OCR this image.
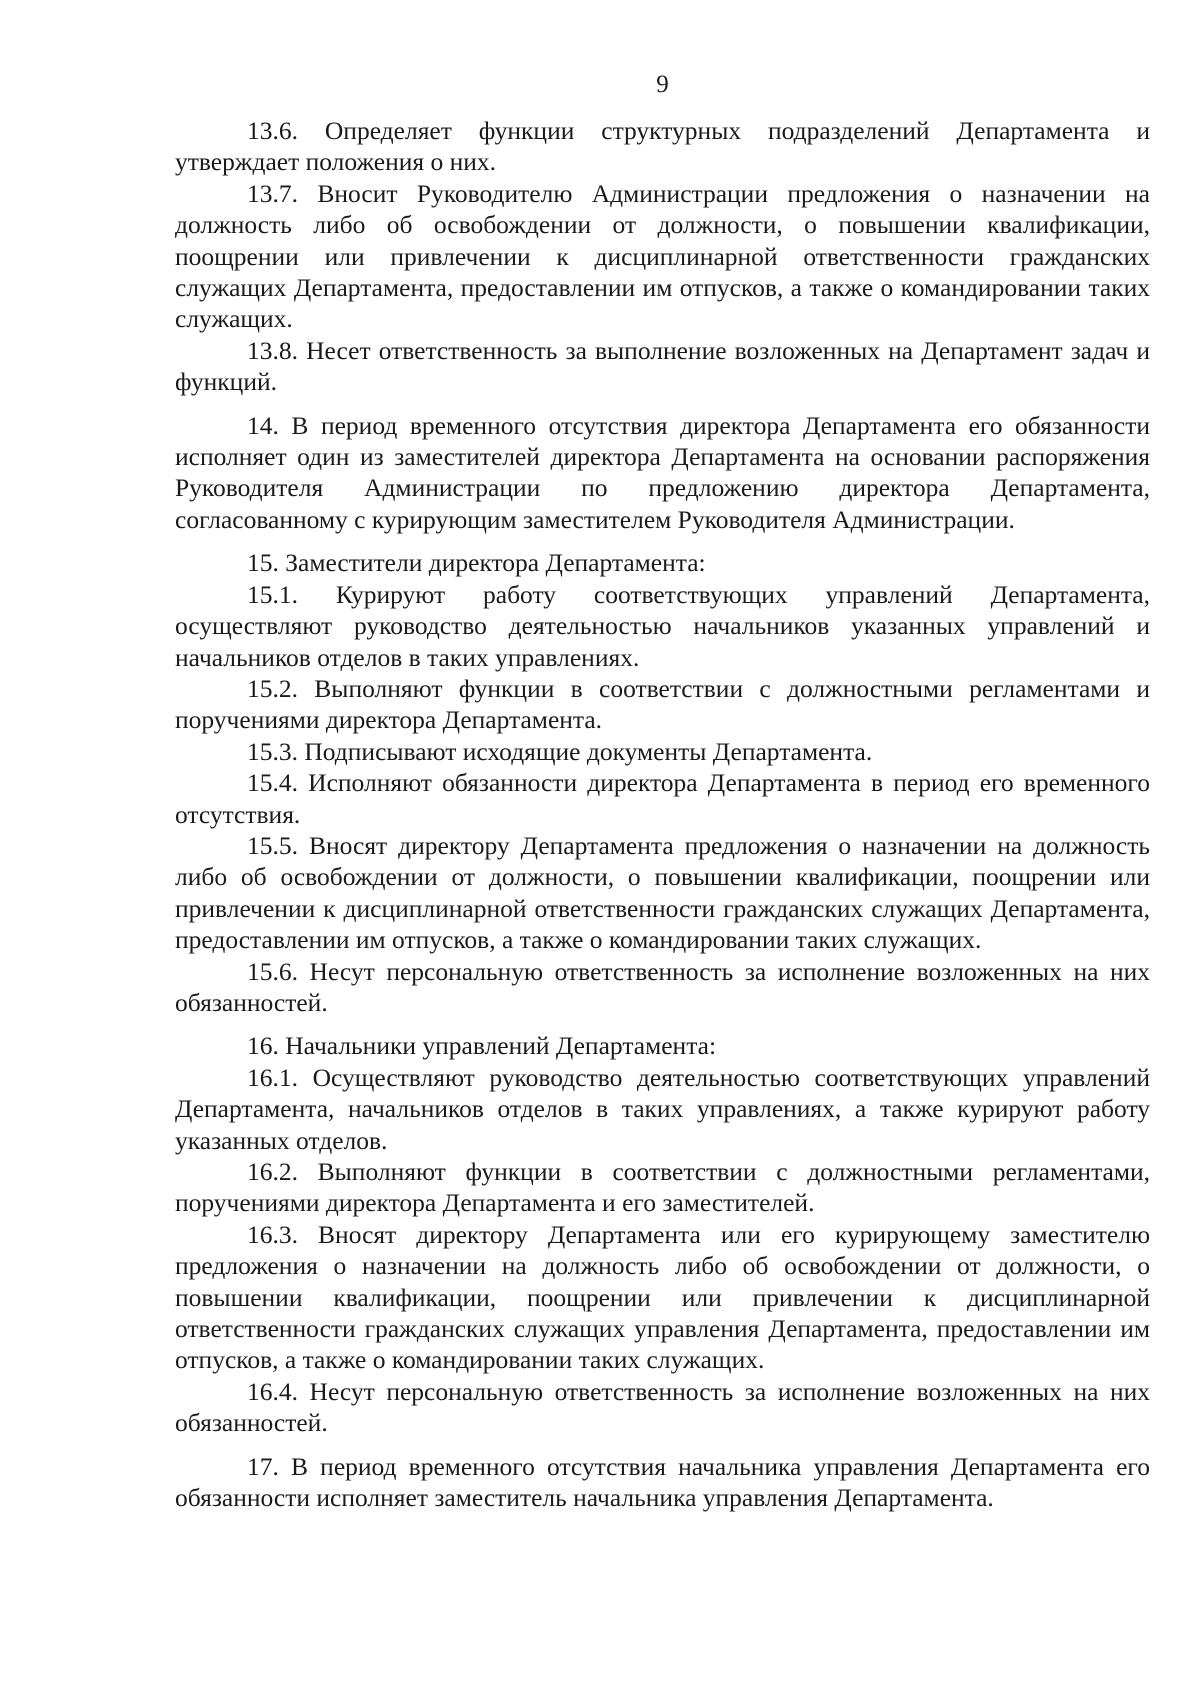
9

13.6. Определяет функции структурных подразделений Департамента и утверждает положения о них.

13.7. Вносит Руководителю Администрации предложения о назначении на должность либо об освобождении от должности, о повышении квалификации, поощрении или привлечении к дисциплинарной ответственности гражданских служащих Департамента, предоставлении им отпусков, а также о командировании таких служащих.

13.8. Несет ответственность за выполнение возложенных на Департамент задач и функций.

14. В период временного отсутствия директора Департамента его обязанности исполняет один из заместителей директора Департамента на основании распоряжения Руководителя Администрации по предложению директора Департамента, согласованному с курирующим заместителем Руководителя Администрации.

15. Заместители директора Департамента:

15.1. Курируют работу соответствующих управлений Департамента, осуществляют руководство деятельностью начальников указанных управлений и начальников отделов в таких управлениях.

15.2. Выполняют функции в соответствии с должностными регламентами и поручениями директора Департамента.

15.3. Подписывают исходящие документы Департамента.

15.4. Исполняют обязанности директора Департамента в период его временного отсутствия.

15.5. Вносят директору Департамента предложения о назначении на должность либо об освобождении от должности, о повышении квалификации, поощрении или привлечении к дисциплинарной ответственности гражданских служащих Департамента, предоставлении им отпусков, а также о командировании таких служащих.

15.6. Несут персональную ответственность за исполнение возложенных на них обязанностей.

16. Начальники управлений Департамента:

16.1. Осуществляют руководство деятельностью соответствующих управлений Департамента, начальников отделов в таких управлениях, а также курируют работу указанных отделов.

16.2. Выполняют функции в соответствии с должностными регламентами, поручениями директора Департамента и его заместителей.

16.3. Вносят директору Департамента или его курирующему заместителю предложения о назначении на должность либо об освобождении от должности, о повышении квалификации, поощрении или привлечении к дисциплинарной ответственности гражданских служащих управления Департамента, предоставлении им отпусков, а также о командировании таких служащих.

16.4. Несут персональную ответственность за исполнение возложенных на них обязанностей.

17. В период временного отсутствия начальника управления Департамента его обязанности исполняет заместитель начальника управления Департамента.
